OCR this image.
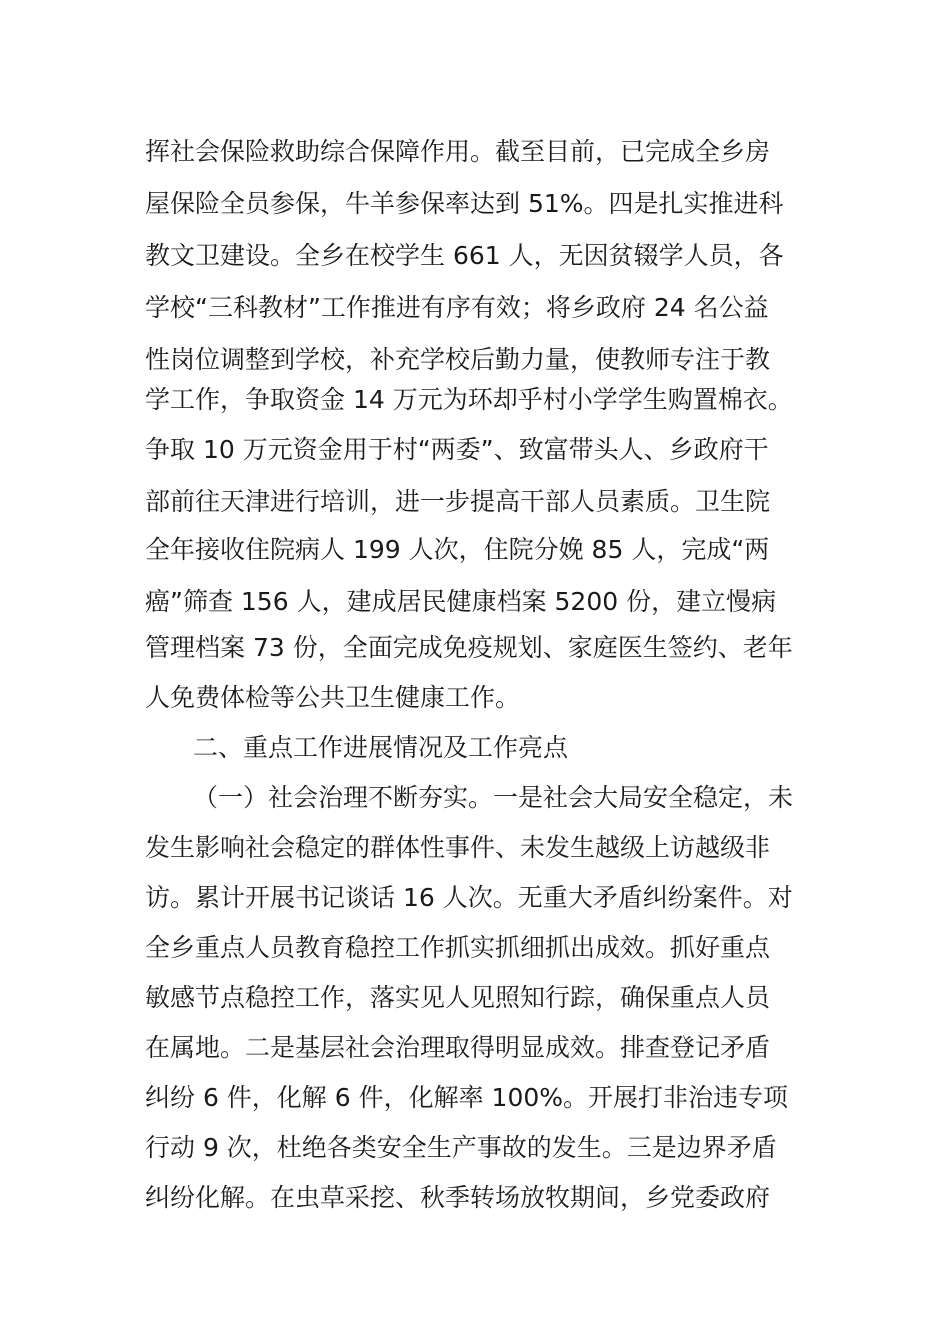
挥社会保险救助综合保障作用。截至目前，已完成全乡房
屋保险全员参保，牛羊参保率达到 51%。四是扎实推进科
教文卫建设。全乡在校学生 661 人，无因贫辍学人员，各
学校“三科教材”工作推进有序有效；将乡政府 24 名公益
性岗位调整到学校，补充学校后勤力量，使教师专注于教
学工作，争取资金 14 万元为环却乎村小学学生购置棉衣。
争取 10 万元资金用于村“两委”、致富带头人、乡政府干
部前往天津进行培训，进一步提高干部人员素质。卫生院
全年接收住院病人 199 人次，住院分娩 85 人，完成“两
癌”筛查 156 人，建成居民健康档案 5200 份，建立慢病
管理档案 73 份，全面完成免疫规划、家庭医生签约、老年
人免费体检等公共卫生健康工作。
二、重点工作进展情况及工作亮点
（一）社会治理不断夯实。一是社会大局安全稳定，未
发生影响社会稳定的群体性事件、未发生越级上访越级非
访。累计开展书记谈话 16 人次。无重大矛盾纠纷案件。对
全乡重点人员教育稳控工作抓实抓细抓出成效。抓好重点
敏感节点稳控工作，落实见人见照知行踪，确保重点人员
在属地。二是基层社会治理取得明显成效。排查登记矛盾
纠纷 6 件，化解 6 件，化解率 100%。开展打非治违专项
行动 9 次，杜绝各类安全生产事故的发生。三是边界矛盾
纠纷化解。在虫草采挖、秋季转场放牧期间，乡党委政府
